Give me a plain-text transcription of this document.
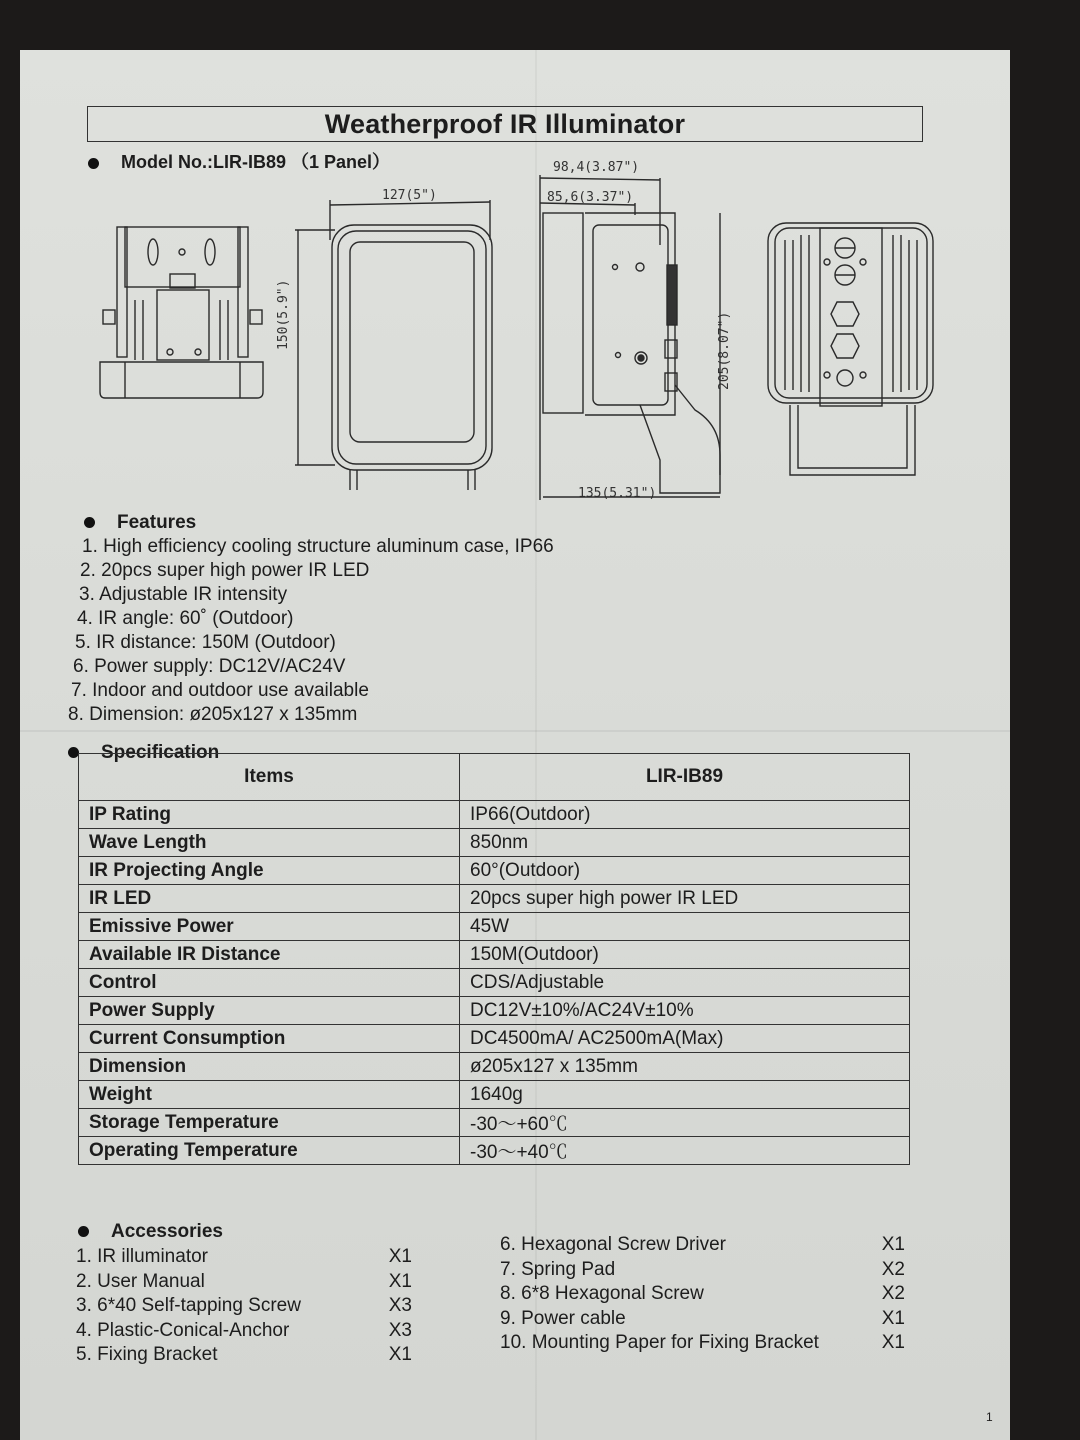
Weatherproof IR Illuminator
Model No.:LIR-IB89 （1 Panel）
127(5")
150(5.9")
98,4(3.87")
85,6(3.37")
205(8.07")
135(5.31")
Features
1. High efficiency cooling structure aluminum case, IP66
2. 20pcs super high power IR LED
3. Adjustable IR intensity
4. IR angle: 60˚ (Outdoor)
5. IR distance: 150M (Outdoor)
6. Power supply: DC12V/AC24V
7. Indoor and outdoor use available
8. Dimension: ø205x127 x 135mm
Specification
Items	LIR-IB89
IP Rating	IP66(Outdoor)
Wave Length	850nm
IR Projecting Angle	60°(Outdoor)
IR LED	20pcs super high power IR LED
Emissive Power	45W
Available IR Distance	150M(Outdoor)
Control	CDS/Adjustable
Power Supply	DC12V±10%/AC24V±10%
Current Consumption	DC4500mA/ AC2500mA(Max)
Dimension	ø205x127 x 135mm
Weight	1640g
Storage Temperature	-30～+60℃
Operating Temperature	-30～+40℃
Accessories
1. IR illuminator	X1
2. User Manual	X1
3. 6*40 Self-tapping Screw	X3
4. Plastic-Conical-Anchor	X3
5. Fixing Bracket	X1
6. Hexagonal Screw Driver	X1
7. Spring Pad	X2
8. 6*8 Hexagonal Screw	X2
9. Power cable	X1
10. Mounting Paper for Fixing Bracket	X1
1
